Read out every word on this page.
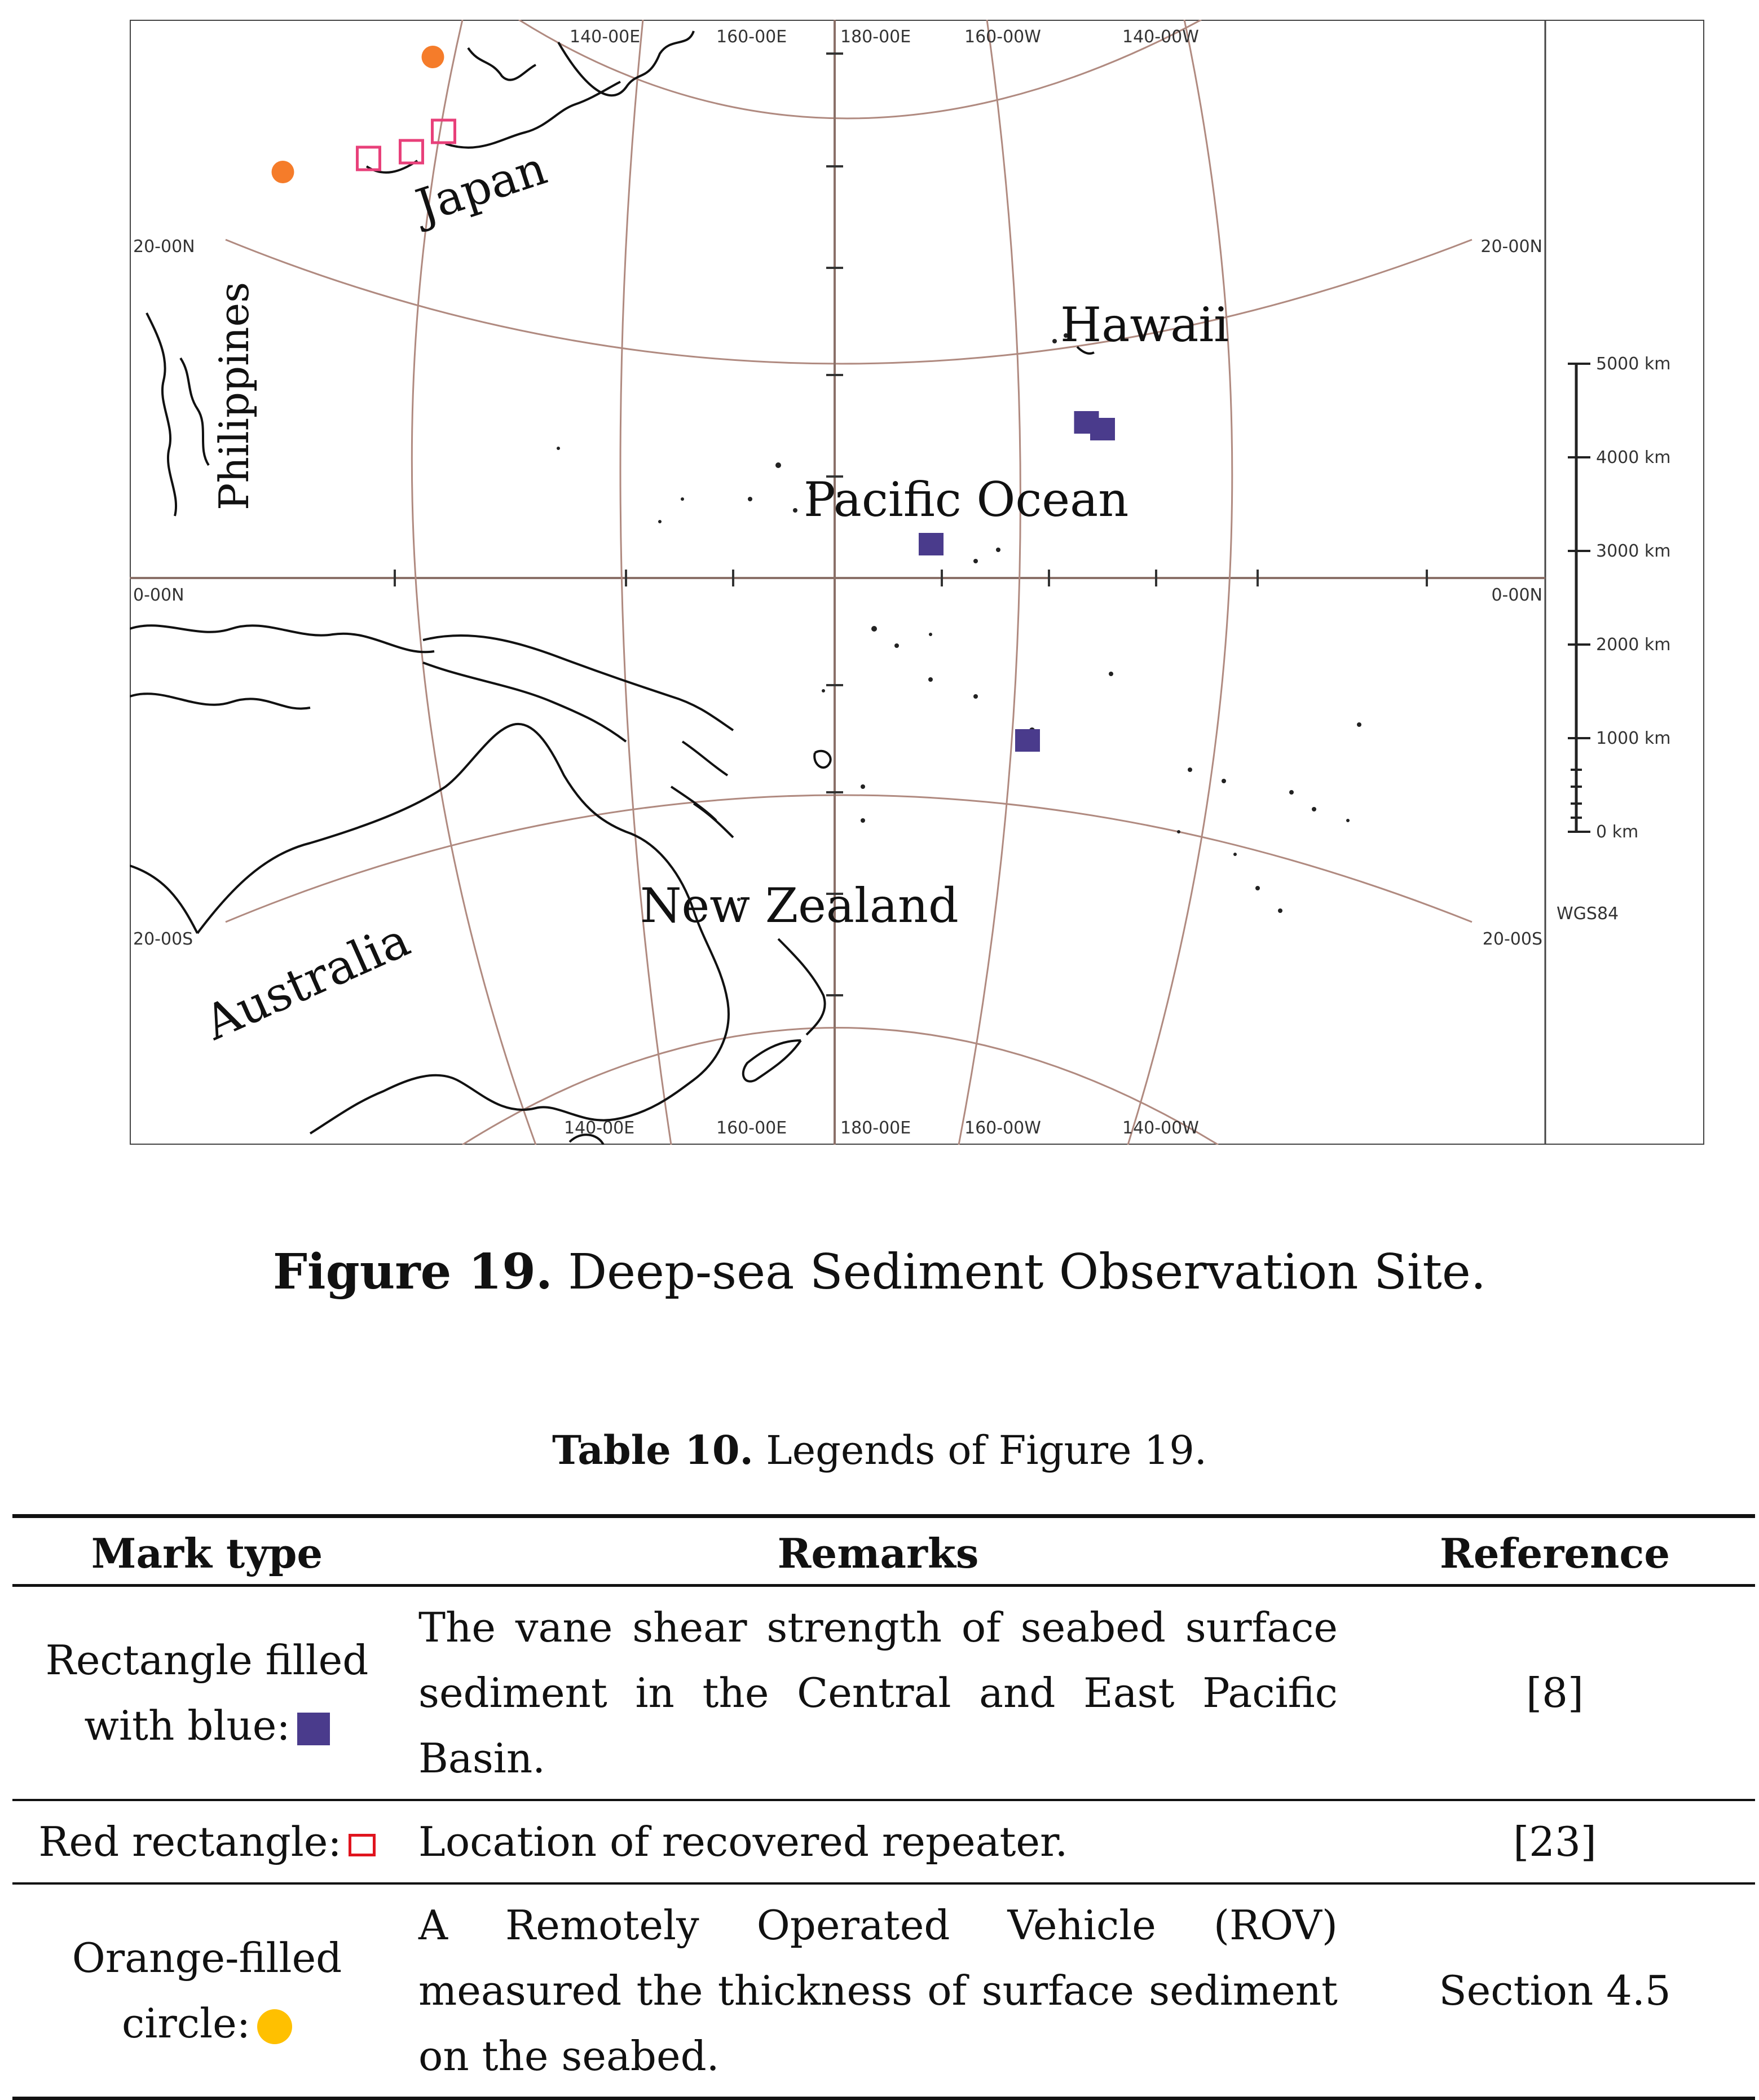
Japan
Philippines	Hawaii
Pacific Ocean
New Zealand
Australia
140-00E	160-00E	180-00E	160-00W	140-00W
140-00E	160-00E	180-00E	160-00W	140-00W
20-00N
0-00N
20-00S
20-00N
0-00N
20-00S
5000 km
4000 km
3000 km
2000 km
1000 km
0 km
WGS84
Figure 19. Deep-sea Sediment Observation Site.
Table 10. Legends of Figure 19.
Mark type	Remarks	Reference
Rectangle filled with blue:	The vane shear strength of seabed surface sediment in the Central and East Pacific Basin.	[8]
Red rectangle:	Location of recovered repeater.	[23]
Orange-filled circle:	A Remotely Operated Vehicle (ROV) measured the thickness of surface sediment on the seabed.	Section 4.5
